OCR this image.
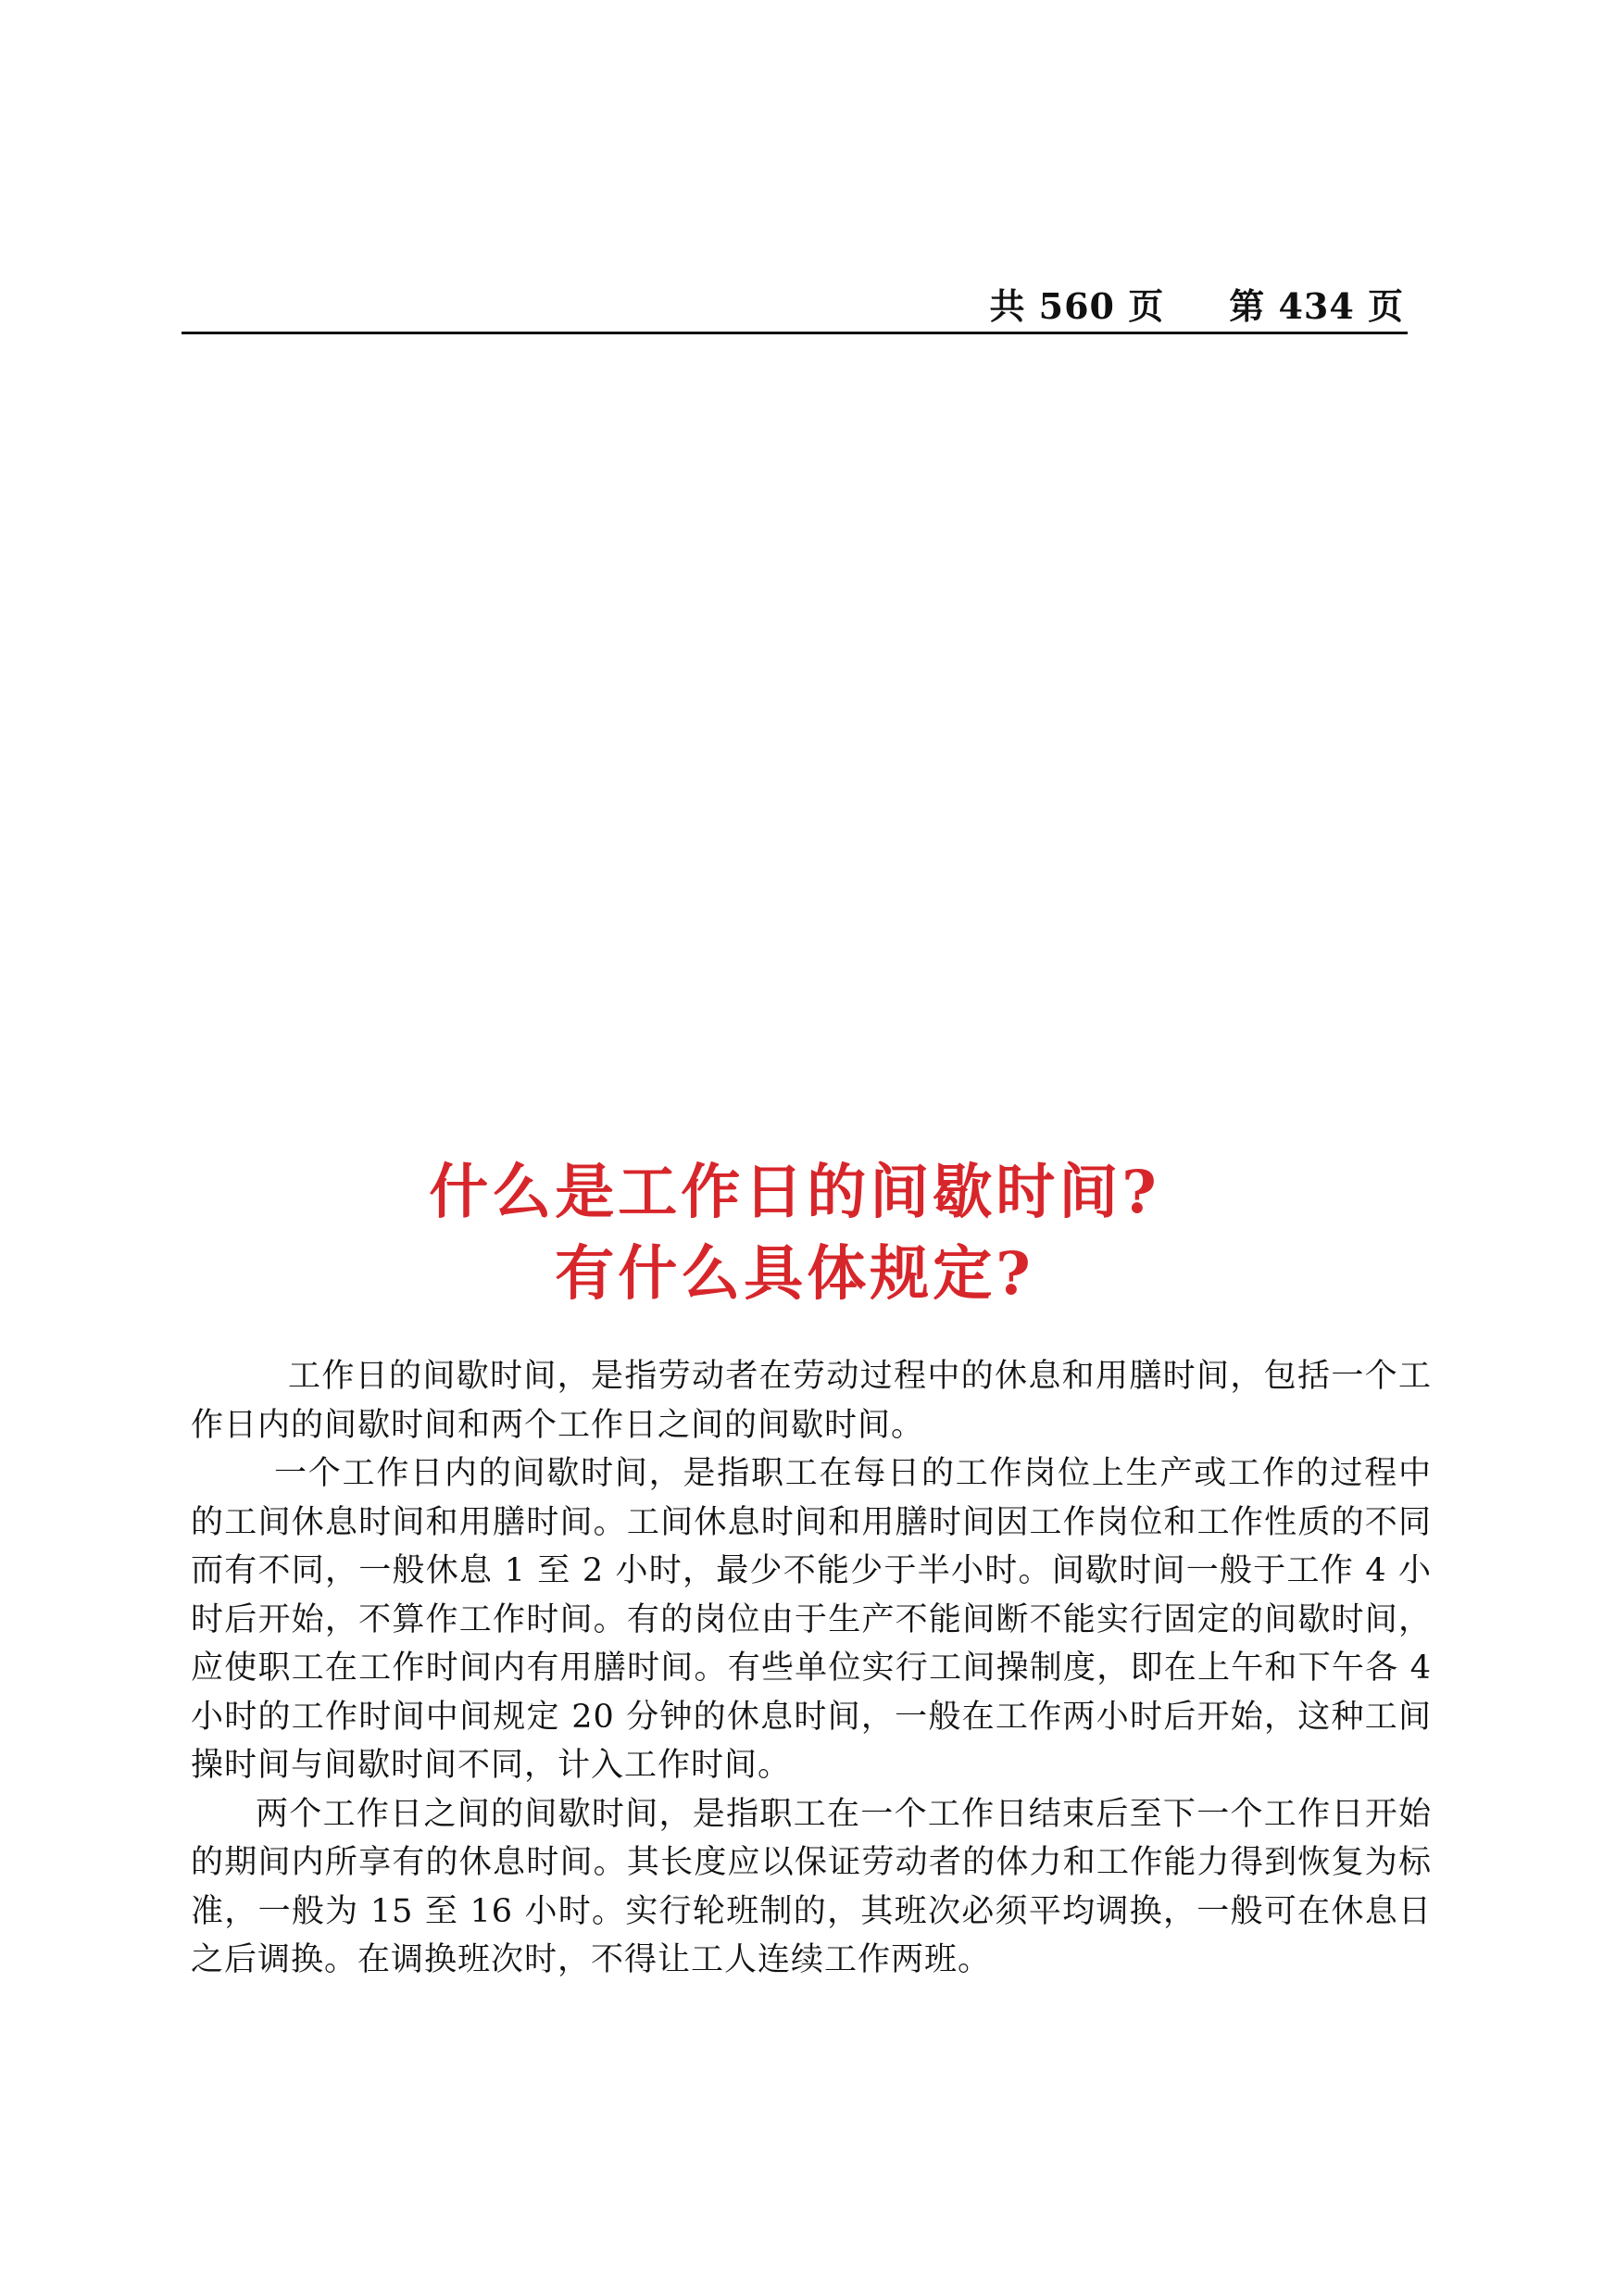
共 560 页 第 434 页
什么是工作日的间歇时间?
有什么具体规定?

工作日的间歇时间，是指劳动者在劳动过程中的休息和用膳时间，包括一个工作日内的间歇时间和两个工作日之间的间歇时间。

一个工作日内的间歇时间，是指职工在每日的工作岗位上生产或工作的过程中的工间休息时间和用膳时间。工间休息时间和用膳时间因工作岗位和工作性质的不同而有不同，一般休息 1 至 2 小时，最少不能少于半小时。间歇时间一般于工作 4 小时后开始，不算作工作时间。有的岗位由于生产不能间断不能实行固定的间歇时间，应使职工在工作时间内有用膳时间。有些单位实行工间操制度，即在上午和下午各 4 小时的工作时间中间规定 20 分钟的休息时间，一般在工作两小时后开始，这种工间操时间与间歇时间不同，计入工作时间。

两个工作日之间的间歇时间，是指职工在一个工作日结束后至下一个工作日开始的期间内所享有的休息时间。其长度应以保证劳动者的体力和工作能力得到恢复为标准，一般为 15 至 16 小时。实行轮班制的，其班次必须平均调换，一般可在休息日之后调换。在调换班次时，不得让工人连续工作两班。
